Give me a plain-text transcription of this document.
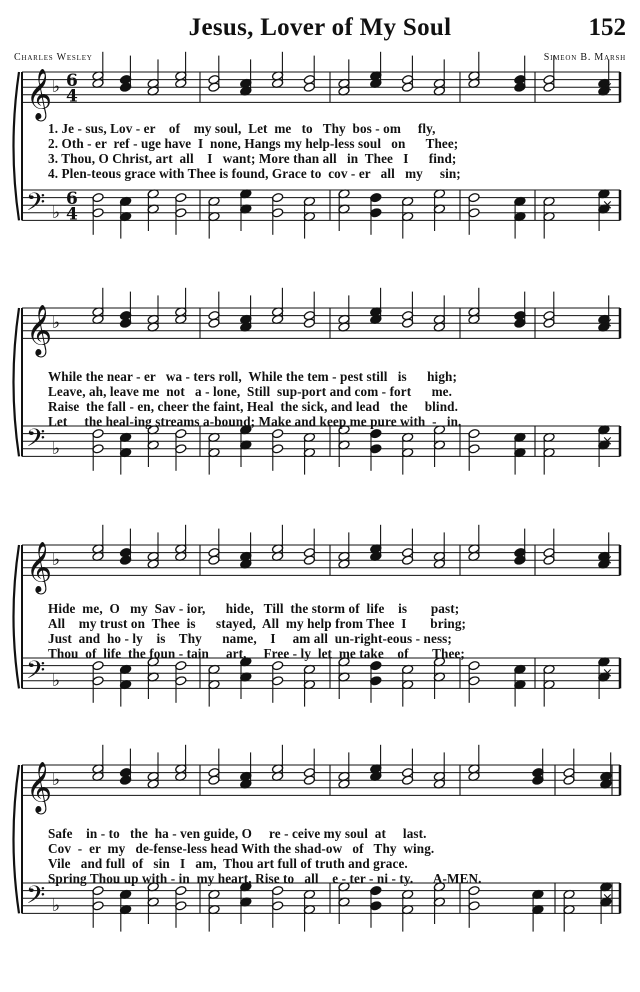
Jesus, Lover of My Soul	152
Charles Wesley	Simeon B. Marsh
𝄞
𝄢
♭
♭
6
4
6
4
×
×
𝄞
𝄢
♭
♭
×
×
𝄞
𝄢
♭
♭
×
×
𝄞
𝄢
♭
♭
×
×
1. Je - sus, Lov - er    of    my soul,  Let  me   to   Thy  bos - om     fly,
2. Oth - er  ref - uge have  I  none, Hangs my help-less soul   on      Thee;
3. Thou, O Christ, art  all    I   want; More than all   in  Thee   I      find;
4. Plen-teous grace with Thee is found, Grace to  cov - er   all   my     sin;
While the near - er   wa - ters roll,  While the tem - pest still   is      high;
Leave, ah, leave me  not   a - lone,  Still  sup-port and com - fort      me.
Raise  the fall - en, cheer the faint, Heal  the sick, and lead   the     blind.
Let     the heal-ing streams a-bound; Make and keep me pure with  -   in.
Hide  me,  O   my  Sav - ior,      hide,   Till  the storm of  life    is       past;
All    my trust on  Thee  is      stayed,  All  my help from Thee  I       bring;
Just  and  ho - ly    is    Thy      name,    I     am all  un-right-eous - ness;
Thou  of  life  the foun - tain     art,     Free - ly  let  me take    of       Thee;
Safe    in - to   the  ha - ven guide, O     re - ceive my soul  at     last.
Cov  -  er  my   de-fense-less head With the shad-ow   of   Thy  wing.
Vile   and full  of   sin   I   am,  Thou art full of truth and grace.
Spring Thou up with - in  my heart, Rise to   all    e - ter - ni - ty.      A-MEN.
